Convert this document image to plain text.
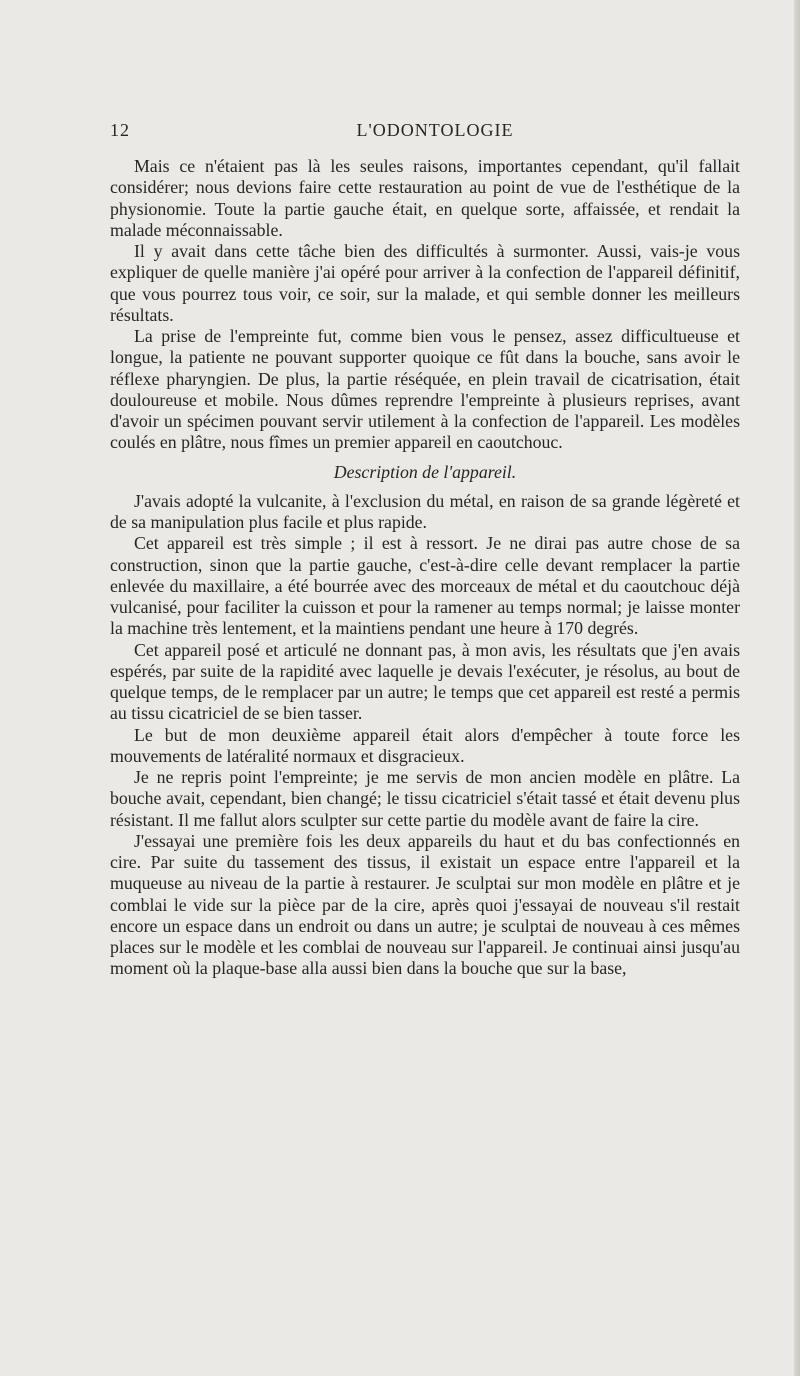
12	L'ODONTOLOGIE

Mais ce n'étaient pas là les seules raisons, importantes cependant, qu'il fallait considérer; nous devions faire cette restauration au point de vue de l'esthétique de la physionomie. Toute la partie gauche était, en quelque sorte, affaissée, et rendait la malade méconnaissable.

Il y avait dans cette tâche bien des difficultés à surmonter. Aussi, vais-je vous expliquer de quelle manière j'ai opéré pour arriver à la confection de l'appareil définitif, que vous pourrez tous voir, ce soir, sur la malade, et qui semble donner les meilleurs résultats.

La prise de l'empreinte fut, comme bien vous le pensez, assez difficultueuse et longue, la patiente ne pouvant supporter quoique ce fût dans la bouche, sans avoir le réflexe pharyngien. De plus, la partie réséquée, en plein travail de cicatrisation, était douloureuse et mobile. Nous dûmes reprendre l'empreinte à plusieurs reprises, avant d'avoir un spécimen pouvant servir utilement à la confection de l'appareil. Les modèles coulés en plâtre, nous fîmes un premier appareil en caoutchouc.

Description de l'appareil.

J'avais adopté la vulcanite, à l'exclusion du métal, en raison de sa grande légèreté et de sa manipulation plus facile et plus rapide.

Cet appareil est très simple ; il est à ressort. Je ne dirai pas autre chose de sa construction, sinon que la partie gauche, c'est-à-dire celle devant remplacer la partie enlevée du maxillaire, a été bourrée avec des morceaux de métal et du caoutchouc déjà vulcanisé, pour faciliter la cuisson et pour la ramener au temps normal; je laisse monter la machine très lentement, et la maintiens pendant une heure à 170 degrés.

Cet appareil posé et articulé ne donnant pas, à mon avis, les résultats que j'en avais espérés, par suite de la rapidité avec laquelle je devais l'exécuter, je résolus, au bout de quelque temps, de le remplacer par un autre; le temps que cet appareil est resté a permis au tissu cicatriciel de se bien tasser.

Le but de mon deuxième appareil était alors d'empêcher à toute force les mouvements de latéralité normaux et disgracieux.

Je ne repris point l'empreinte; je me servis de mon ancien modèle en plâtre. La bouche avait, cependant, bien changé; le tissu cicatriciel s'était tassé et était devenu plus résistant. Il me fallut alors sculpter sur cette partie du modèle avant de faire la cire.

J'essayai une première fois les deux appareils du haut et du bas confectionnés en cire. Par suite du tassement des tissus, il existait un espace entre l'appareil et la muqueuse au niveau de la partie à restaurer. Je sculptai sur mon modèle en plâtre et je comblai le vide sur la pièce par de la cire, après quoi j'essayai de nouveau s'il restait encore un espace dans un endroit ou dans un autre; je sculptai de nouveau à ces mêmes places sur le modèle et les comblai de nouveau sur l'appareil. Je continuai ainsi jusqu'au moment où la plaque-base alla aussi bien dans la bouche que sur la base,
